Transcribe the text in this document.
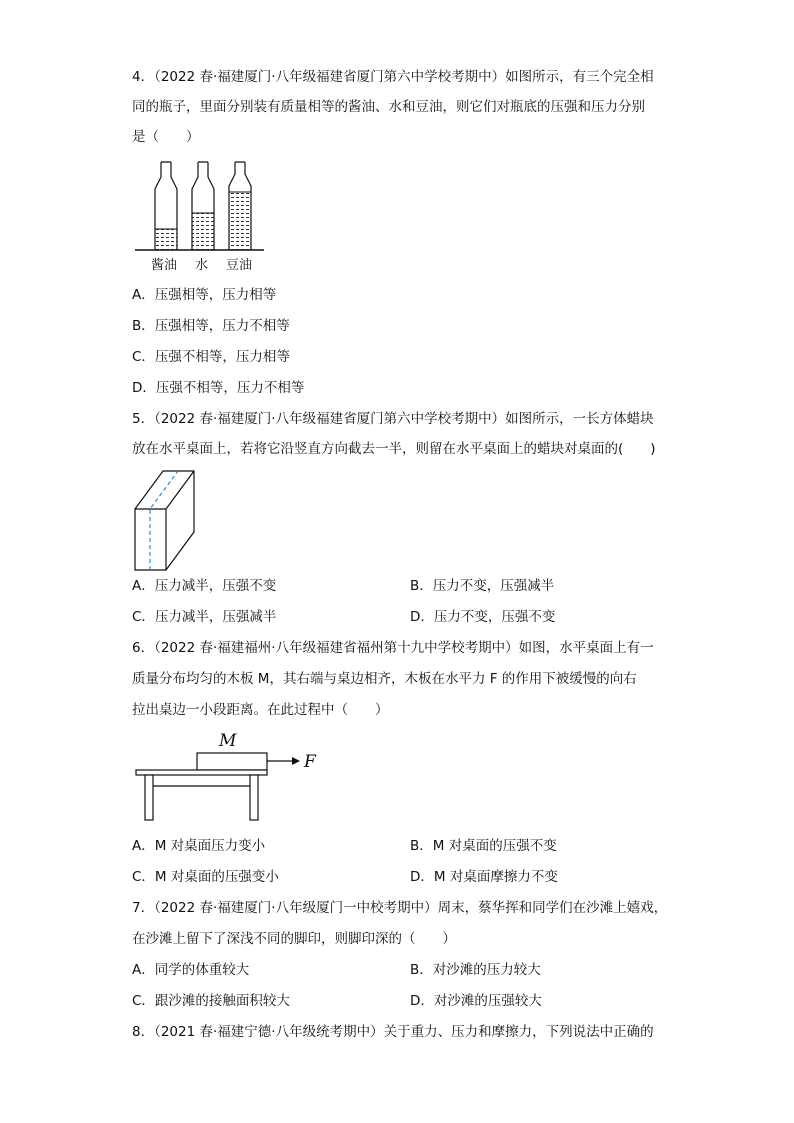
4．（2022 春·福建厦门·八年级福建省厦门第六中学校考期中）如图所示，有三个完全相
同的瓶子，里面分别装有质量相等的酱油、水和豆油，则它们对瓶底的压强和压力分别
是（　　）
酱油 水 豆油
A．压强相等，压力相等
B．压强相等，压力不相等
C．压强不相等，压力相等
D．压强不相等，压力不相等
5．（2022 春·福建厦门·八年级福建省厦门第六中学校考期中）如图所示，一长方体蜡块
放在水平桌面上，若将它沿竖直方向截去一半，则留在水平桌面上的蜡块对桌面的(　　)
A．压力减半，压强不变	B．压力不变，压强减半
C．压力减半，压强减半	D．压力不变，压强不变
6．（2022 春·福建福州·八年级福建省福州第十九中学校考期中）如图，水平桌面上有一
质量分布均匀的木板 M，其右端与桌边相齐，木板在水平力 F 的作用下被缓慢的向右
拉出桌边一小段距离。在此过程中（　　）
M
F
A．M 对桌面压力变小	B．M 对桌面的压强不变
C．M 对桌面的压强变小	D．M 对桌面摩擦力不变
7．（2022 春·福建厦门·八年级厦门一中校考期中）周末，蔡华挥和同学们在沙滩上嬉戏，
在沙滩上留下了深浅不同的脚印，则脚印深的（　　）
A．同学的体重较大	B．对沙滩的压力较大
C．跟沙滩的接触面积较大	D．对沙滩的压强较大
8．（2021 春·福建宁德·八年级统考期中）关于重力、压力和摩擦力，下列说法中正确的
